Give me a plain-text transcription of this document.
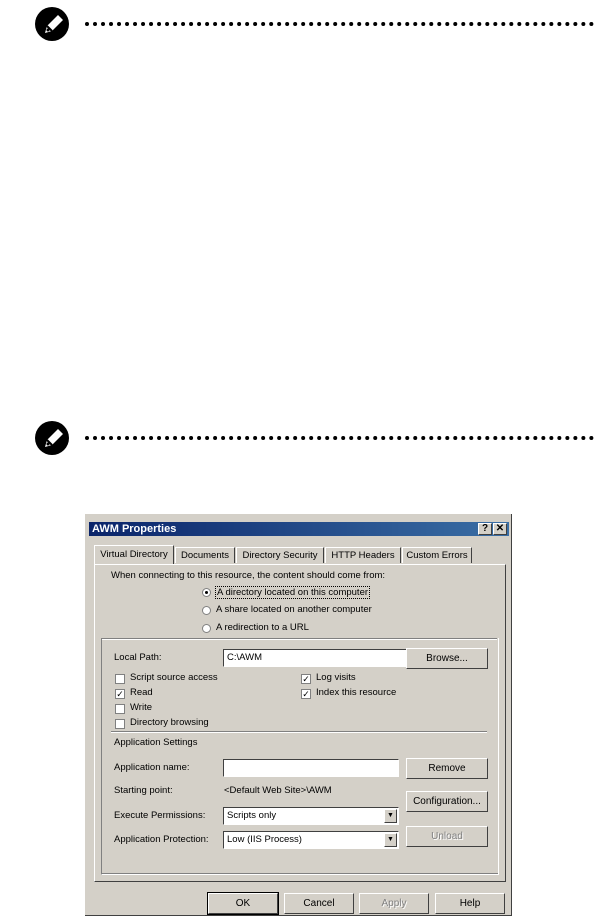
AWM Properties	? ✕
Virtual Directory	Documents	Directory Security	HTTP Headers	Custom Errors
When connecting to this resource, the content should come from:
A directory located on this computer
A share located on another computer
A redirection to a URL
Local Path:	C:\AWM	Browse...
Script source access
✓ Read
Write
Directory browsing
✓ Log visits
✓ Index this resource
Application Settings
Application name:	Remove
Starting point:	<Default Web Site>\AWM
Configuration...
Execute Permissions:	Scripts only	▼
Application Protection:	Low (IIS Process)	▼	Unload
OK	Cancel	Apply	Help
